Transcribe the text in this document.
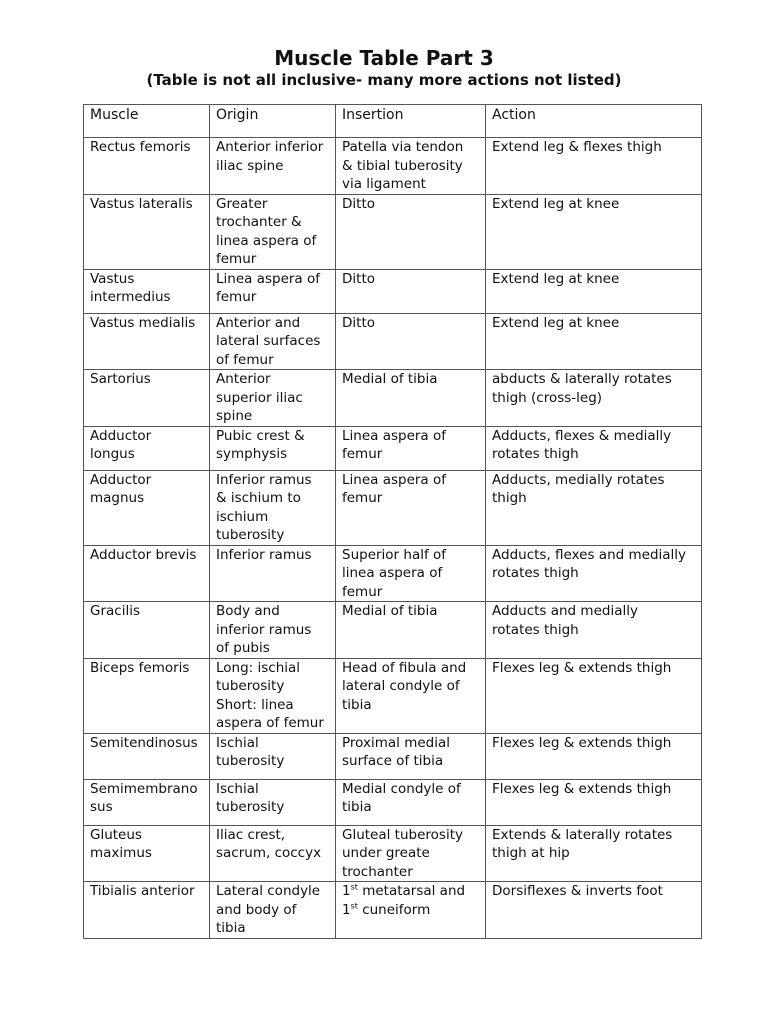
Muscle Table Part 3
(Table is not all inclusive- many more actions not listed)
Muscle	Origin	Insertion	Action

Rectus femoris	Anterior inferior
iliac spine	Patella via tendon
& tibial tuberosity
via ligament	Extend leg & flexes thigh

Vastus lateralis	Greater
trochanter &
linea aspera of
femur	Ditto	Extend leg at knee

Vastus
intermedius	Linea aspera of
femur	Ditto	Extend leg at knee

Vastus medialis	Anterior and
lateral surfaces
of femur	Ditto	Extend leg at knee

Sartorius	Anterior
superior iliac
spine	Medial of tibia	abducts & laterally rotates
thigh (cross-leg)

Adductor
longus	Pubic crest &
symphysis	Linea aspera of
femur	Adducts, flexes & medially
rotates thigh

Adductor
magnus	Inferior ramus
& ischium to
ischium
tuberosity	Linea aspera of
femur	Adducts, medially rotates
thigh

Adductor brevis	Inferior ramus	Superior half of
linea aspera of
femur	Adducts, flexes and medially
rotates thigh

Gracilis	Body and
inferior ramus
of pubis	Medial of tibia	Adducts and medially
rotates thigh

Biceps femoris	Long: ischial
tuberosity
Short: linea
aspera of femur	Head of fibula and
lateral condyle of
tibia	Flexes leg & extends thigh

Semitendinosus	Ischial
tuberosity	Proximal medial
surface of tibia	Flexes leg & extends thigh

Semimembrano
sus	Ischial
tuberosity	Medial condyle of
tibia	Flexes leg & extends thigh

Gluteus
maximus	Iliac crest,
sacrum, coccyx	Gluteal tuberosity
under greate
trochanter	Extends & laterally rotates
thigh at hip

Tibialis anterior	Lateral condyle
and body of
tibia	1st metatarsal and
1st cuneiform	Dorsiflexes & inverts foot
